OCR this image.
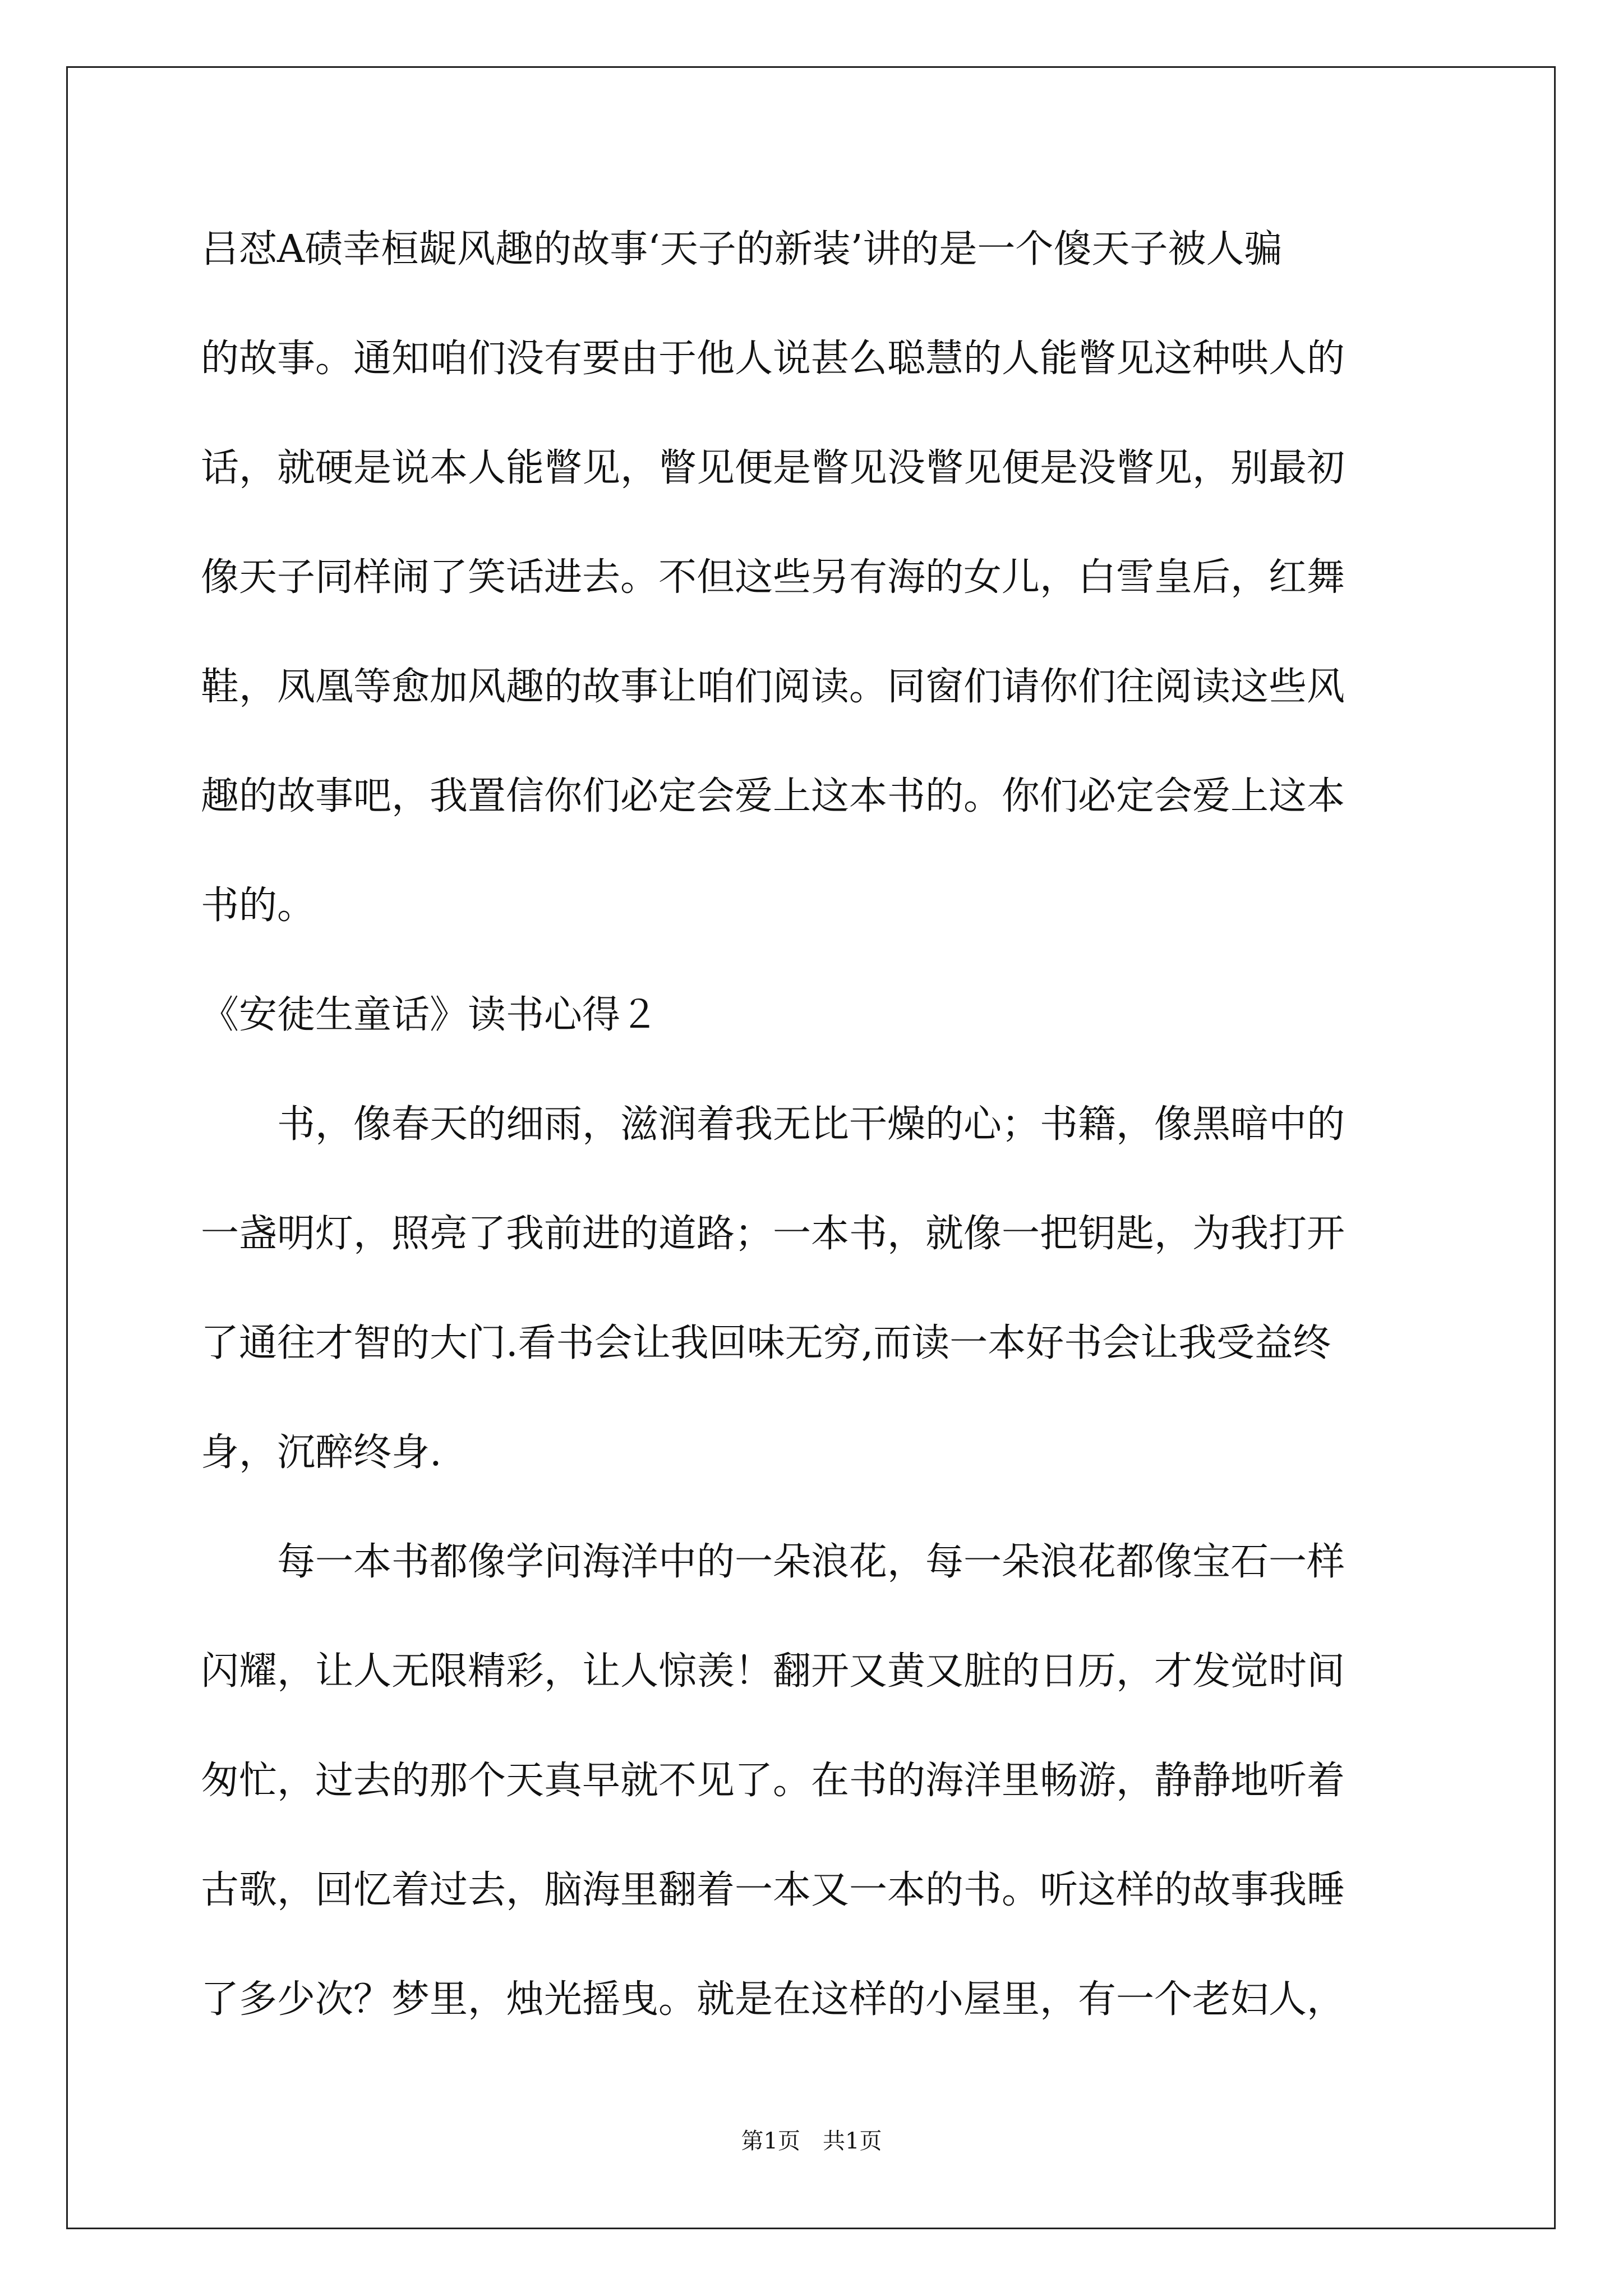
吕怼A碛幸桓龊风趣的故事‘天子的新装’讲的是一个傻天子被人骗

的故事。通知咱们没有要由于他人说甚么聪慧的人能瞥见这种哄人的

话，就硬是说本人能瞥见，瞥见便是瞥见没瞥见便是没瞥见，别最初

像天子同样闹了笑话进去。不但这些另有海的女儿，白雪皇后，红舞

鞋，凤凰等愈加风趣的故事让咱们阅读。同窗们请你们往阅读这些风

趣的故事吧，我置信你们必定会爱上这本书的。你们必定会爱上这本

书的。

《安徒生童话》读书心得２

　　书，像春天的细雨，滋润着我无比干燥的心；书籍，像黑暗中的

一盏明灯，照亮了我前进的道路；一本书，就像一把钥匙，为我打开

了通往才智的大门.看书会让我回味无穷,而读一本好书会让我受益终

身，沉醉终身.

　　每一本书都像学问海洋中的一朵浪花，每一朵浪花都像宝石一样

闪耀，让人无限精彩，让人惊羡！翻开又黄又脏的日历，才发觉时间

匆忙，过去的那个天真早就不见了。在书的海洋里畅游，静静地听着

古歌，回忆着过去，脑海里翻着一本又一本的书。听这样的故事我睡

了多少次？梦里，烛光摇曳。就是在这样的小屋里，有一个老妇人，

第1页　共1页
